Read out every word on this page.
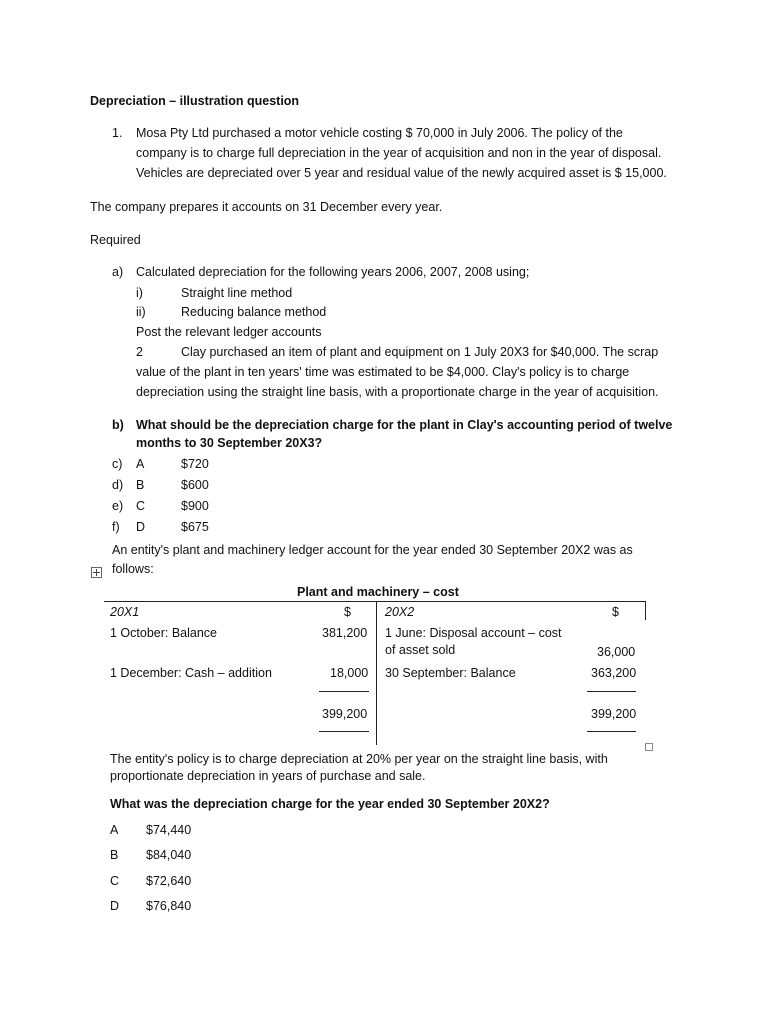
Depreciation – illustration question
1. Mosa Pty Ltd purchased a motor vehicle costing $ 70,000 in July 2006. The policy of the
company is to charge full depreciation in the year of acquisition and non in the year of disposal.
Vehicles are depreciated over 5 year and residual value of the newly acquired asset is $ 15,000.
The company prepares it accounts on 31 December every year.
Required
a) Calculated depreciation for the following years 2006, 2007, 2008 using;
i)	Straight line method
ii)	Reducing balance method
Post the relevant ledger accounts
2	Clay purchased an item of plant and equipment on 1 July 20X3 for $40,000. The scrap
value of the plant in ten years' time was estimated to be $4,000. Clay's policy is to charge
depreciation using the straight line basis, with a proportionate charge in the year of acquisition.
b) What should be the depreciation charge for the plant in Clay's accounting period of twelve
months to 30 September 20X3?
c) A	$720
d) B	$600
e) C	$900
f) D	$675
An entity's plant and machinery ledger account for the year ended 30 September 20X2 was as
follows:
Plant and machinery – cost
20X1	$	20X2	$
1 October: Balance	381,200 1 June: Disposal account – cost
of asset sold	36,000
1 December: Cash – addition	18,000 30 September: Balance	363,200
399,200	399,200
The entity's policy is to charge depreciation at 20% per year on the straight line basis, with
proportionate depreciation in years of purchase and sale.
What was the depreciation charge for the year ended 30 September 20X2?
A $74,440
B $84,040
C $72,640
D $76,840
